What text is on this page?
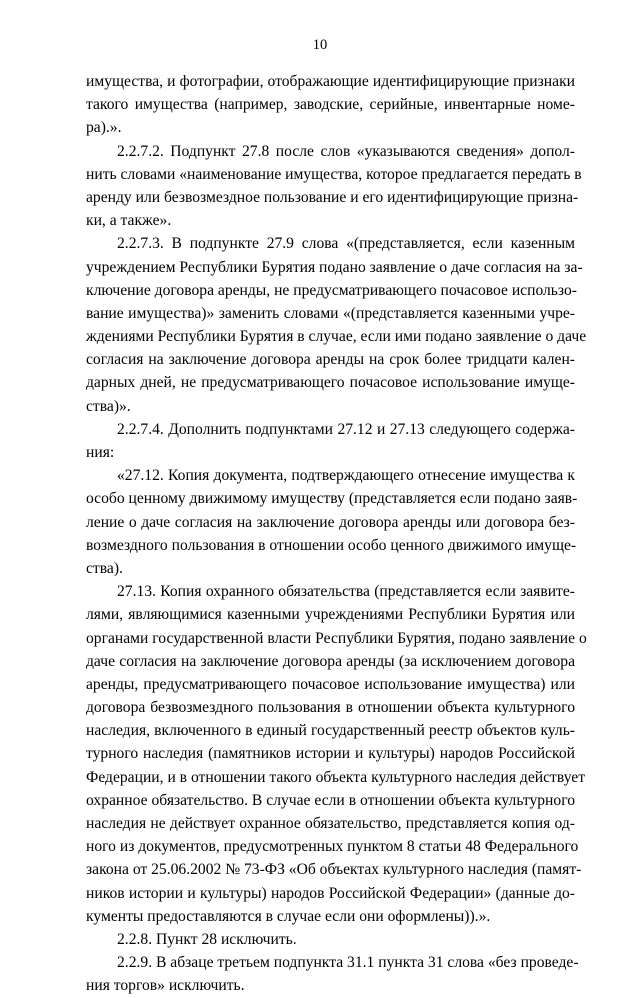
10
имущества, и фотографии, отображающие идентифицирующие признаки
такого имущества (например, заводские, серийные, инвентарные номе-
ра).».
2.2.7.2. Подпункт 27.8 после слов «указываются сведения» допол-
нить словами «наименование имущества, которое предлагается передать в
аренду или безвозмездное пользование и его идентифицирующие призна-
ки, а также».
2.2.7.3. В подпункте 27.9 слова «(представляется, если казенным
учреждением Республики Бурятия подано заявление о даче согласия на за-
ключение договора аренды, не предусматривающего почасовое использо-
вание имущества)» заменить словами «(представляется казенными учре-
ждениями Республики Бурятия в случае, если ими подано заявление о даче
согласия на заключение договора аренды на срок более тридцати кален-
дарных дней, не предусматривающего почасовое использование имуще-
ства)».
2.2.7.4. Дополнить подпунктами 27.12 и 27.13 следующего содержа-
ния:
«27.12. Копия документа, подтверждающего отнесение имущества к
особо ценному движимому имуществу (представляется если подано заяв-
ление о даче согласия на заключение договора аренды или договора без-
возмездного пользования в отношении особо ценного движимого имуще-
ства).
27.13. Копия охранного обязательства (представляется если заявите-
лями, являющимися казенными учреждениями Республики Бурятия или
органами государственной власти Республики Бурятия, подано заявление о
даче согласия на заключение договора аренды (за исключением договора
аренды, предусматривающего почасовое использование имущества) или
договора безвозмездного пользования в отношении объекта культурного
наследия, включенного в единый государственный реестр объектов куль-
турного наследия (памятников истории и культуры) народов Российской
Федерации, и в отношении такого объекта культурного наследия действует
охранное обязательство. В случае если в отношении объекта культурного
наследия не действует охранное обязательство, представляется копия од-
ного из документов, предусмотренных пунктом 8 статьи 48 Федерального
закона от 25.06.2002 № 73-ФЗ «Об объектах культурного наследия (памят-
ников истории и культуры) народов Российской Федерации» (данные до-
кументы предоставляются в случае если они оформлены)).».
2.2.8. Пункт 28 исключить.
2.2.9. В абзаце третьем подпункта 31.1 пункта 31 слова «без проведе-
ния торгов» исключить.
